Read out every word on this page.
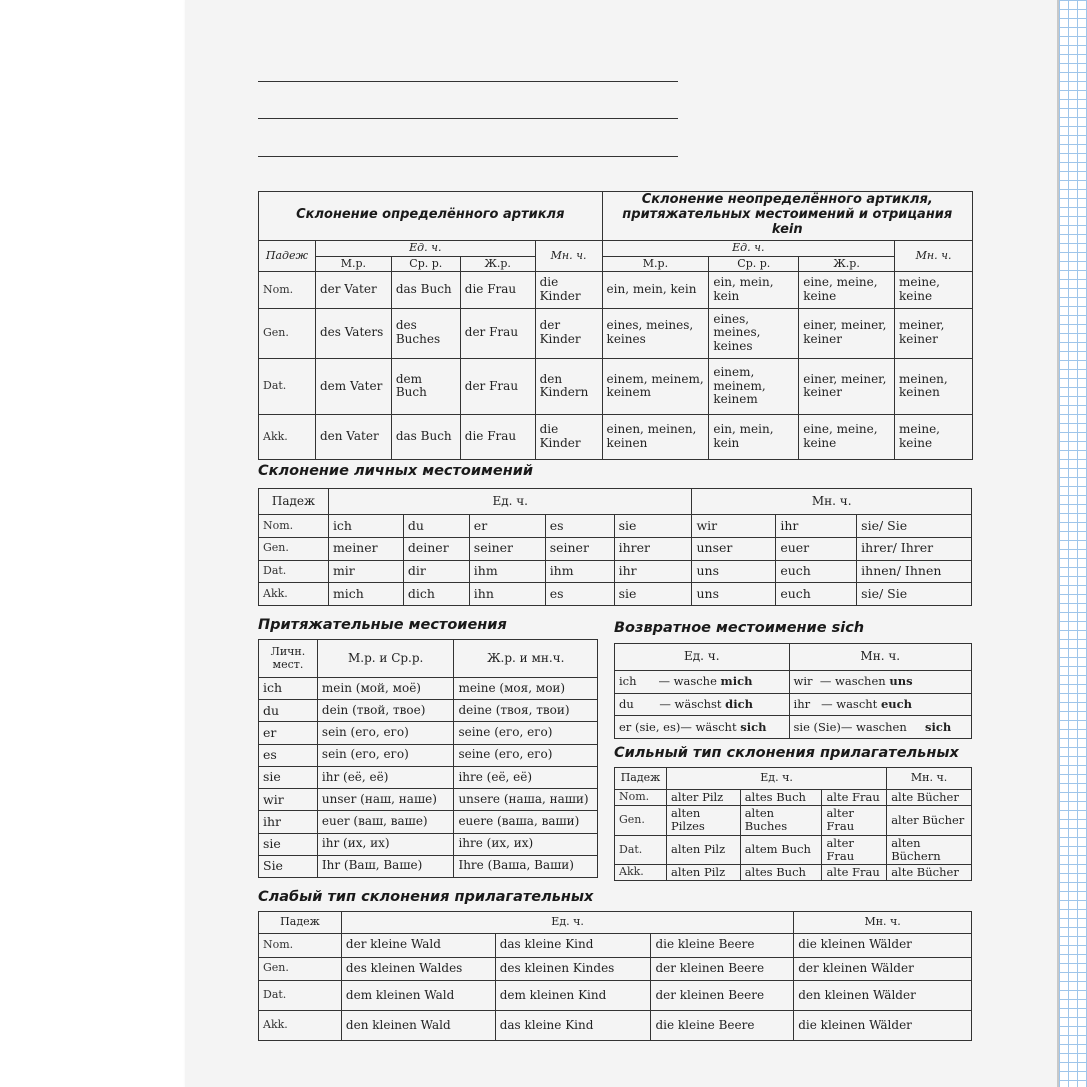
Склонение определённого артикля					Склонение неопределённого артикля, притяжательных местоимений и отрицания kein			
Падеж	Ед. ч.			Мн. ч.	Ед. ч.			Мн. ч.
	М.р.	Ср. р.	Ж.р.		М.р.	Ср. р.	Ж.р.	
Nom.	der Vater	das Buch	die Frau	die Kinder	ein, mein, kein	ein, mein, kein	eine, meine, keine	meine, keine
Gen.	des Vaters	des Buches	der Frau	der Kinder	eines, meines, keines	eines, meines, keines	einer, meiner, keiner	meiner, keiner
Dat.	dem Vater	dem Buch	der Frau	den Kindern	einem, meinem, keinem	einem, meinem, keinem	einer, meiner, keiner	meinen, keinen
Akk.	den Vater	das Buch	die Frau	die Kinder	einen, meinen, keinen	ein, mein, kein	eine, meine, keine	meine, keine
Склонение личных местоимений
Падеж	Ед. ч.					Мн. ч.		
Nom.	ich	du	er	es	sie	wir	ihr	sie/ Sie
Gen.	meiner	deiner	seiner	seiner	ihrer	unser	euer	ihrer/ Ihrer
Dat.	mir	dir	ihm	ihm	ihr	uns	euch	ihnen/ Ihnen
Akk.	mich	dich	ihn	es	sie	uns	euch	sie/ Sie
Притяжательные местоиения
Личн. мест.	М.р. и Ср.р.	Ж.р. и мн.ч.
ich	mein (мой, моё)	meine (моя, мои)
du	dein (твой, твое)	deine (твоя, твои)
er	sein (его, его)	seine (его, его)
es	sein (его, его)	seine (его, его)
sie	ihr (её, её)	ihre (её, её)
wir	unser (наш, наше)	unsere (наша, наши)
ihr	euer (ваш, ваше)	euere (ваша, ваши)
sie	ihr (их, их)	ihre (их, их)
Sie	Ihr (Ваш, Ваше)	Ihre (Ваша, Ваши)
Возвратное местоимение sich
Ед. ч.	Мн. ч.
ich — wasche mich	wir — waschen uns
du — wäschst dich	ihr — wascht euch
er (sie, es)— wäscht sich	sie (Sie)— waschen     sich
Сильный тип склонения прилагательных
Падеж	Ед. ч.			Мн. ч.
Nom.	alter Pilz	altes Buch	alte Frau	alte Bücher
Gen.	alten Pilzes	alten Buches	alter Frau	alter Bücher
Dat.	alten Pilz	altem Buch	alter Frau	alten Büchern
Akk.	alten Pilz	altes Buch	alte Frau	alte Bücher
Слабый тип склонения прилагательных
Падеж	Ед. ч.			Мн. ч.
Nom.	der kleine Wald	das kleine Kind	die kleine Beere	die kleinen Wälder
Gen.	des kleinen Waldes	des kleinen Kindes	der kleinen Beere	der kleinen Wälder
Dat.	dem kleinen Wald	dem kleinen Kind	der kleinen Beere	den kleinen Wälder
Akk.	den kleinen Wald	das kleine Kind	die kleine Beere	die kleinen Wälder
